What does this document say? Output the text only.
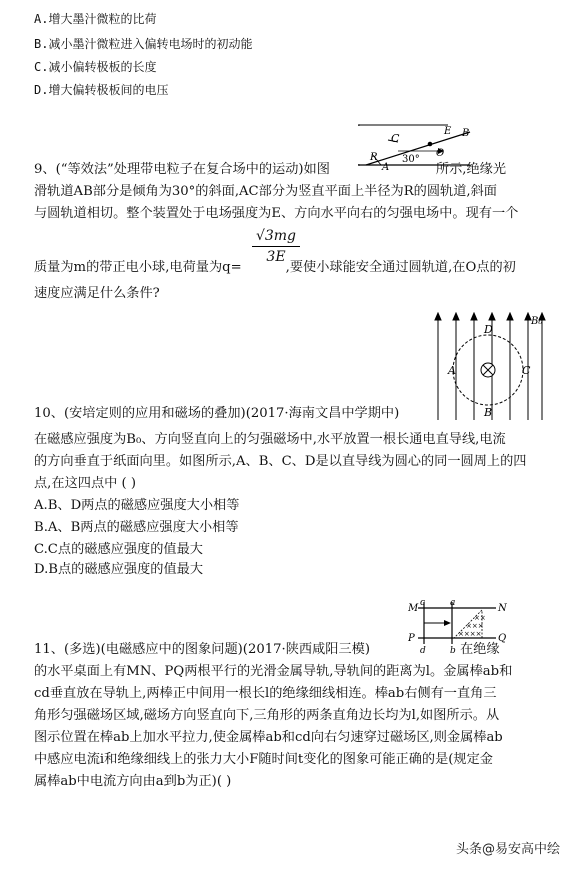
A.增大墨汁微粒的比荷
B.减小墨汁微粒进入偏转电场时的初动能
C.减小偏转极板的长度
D.增大偏转极板间的电压
C
E B
R	O
A
30°
9、(“等效法”处理带电粒子在复合场中的运动)如图	所示,绝缘光
滑轨道AB部分是倾角为30°的斜面,AC部分为竖直平面上半径为R的圆轨道,斜面
与圆轨道相切。整个装置处于电场强度为E、方向水平向右的匀强电场中。现有一个
$\frac{√3mg}{3E}$
质量为m的带正电小球,电荷量为q=	,要使小球能安全通过圆轨道,在O点的初
速度应满足什么条件?
A
B
C
D
B₀
10、(安培定则的应用和磁场的叠加)(2017·海南文昌中学期中)
在磁感应强度为B₀、方向竖直向上的匀强磁场中,水平放置一根长通电直导线,电流
的方向垂直于纸面向里。如图所示,A、B、C、D是以直导线为圆心的同一圆周上的四
点,在这四点中 ( )
A.B、D两点的磁感应强度大小相等
B.A、B两点的磁感应强度大小相等
C.C点的磁感应强度的值最大
D.B点的磁感应强度的值最大
××
×××
××××
M	N
P	Q
c	a
d	b
11、(多选)(电磁感应中的图象问题)(2017·陕西咸阳三模)	在绝缘
的水平桌面上有MN、PQ两根平行的光滑金属导轨,导轨间的距离为l。金属棒ab和
cd垂直放在导轨上,两棒正中间用一根长l的绝缘细线相连。棒ab右侧有一直角三
角形匀强磁场区域,磁场方向竖直向下,三角形的两条直角边长均为l,如图所示。从
图示位置在棒ab上加水平拉力,使金属棒ab和cd向右匀速穿过磁场区,则金属棒ab
中感应电流i和绝缘细线上的张力大小F随时间t变化的图象可能正确的是(规定金
属棒ab中电流方向由a到b为正)( )
头条@易安高中绘
